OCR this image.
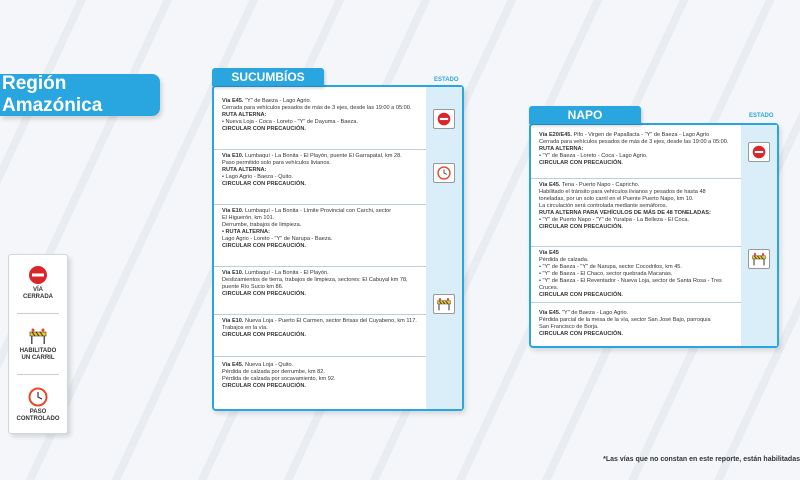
Región Amazónica
VÍA
CERRADA
HABILITADO
UN CARRIL
PASO
CONTROLADO
SUCUMBÍOS	ESTADO
Vía E45. "Y" de Baeza - Lago Agrio.
Cerrada para vehículos pesados de más de 3 ejes, desde las 19:00 a 05:00.
RUTA ALTERNA:
• Nueva Loja - Coca - Loreto - "Y" de Dayuma - Baeza.
CIRCULAR CON PRECAUCIÓN.
Vía E10. Lumbaquí - La Bonita - El Playón, puente El Garrapatal, km 28.
Paso permitido solo para vehículos livianos.
RUTA ALTERNA:
• Lago Agrio - Baeza - Quito.
CIRCULAR CON PRECAUCIÓN.
Vía E10. Lumbaquí - La Bonita - Límite Provincial con Carchi, sector
El Higuerón, km 101.
Derrumbe, trabajos de limpieza.
• RUTA ALTERNA:
Lago Agrio - Loreto - "Y" de Narupa - Baeza.
CIRCULAR CON PRECAUCIÓN.
Vía E10. Lumbaquí - La Bonita - El Playón.
Deslizamientos de tierra, trabajos de limpieza, sectores: El Cabuyal km 78,
puente Río Sucio km 86.
CIRCULAR CON PRECAUCIÓN.
Vía E10. Nueva Loja - Puerto El Carmen, sector Brisas del Cuyabeno, km 117.
Trabajos en la vía.
CIRCULAR CON PRECAUCIÓN.
Vía E45. Nueva Loja - Quito.
Pérdida de calzada por derrumbe, km 82.
Pérdida de calzada por socavamiento, km 92.
CIRCULAR CON PRECAUCIÓN.
NAPO	ESTADO
Vía E20/E45. Pifo - Virgen de Papallacta - "Y" de Baeza - Lago Agrio
Cerrada para vehículos pesados de más de 3 ejes, desde las 19:00 a 05:00.
RUTA ALTERNA:
• "Y" de Baeza - Loreto - Coca - Lago Agrio.
CIRCULAR CON PRECAUCIÓN.
Vía E45. Tena - Puerto Napo - Capricho.
Habilitado el tránsito para vehículos livianos y pesados de hasta 48
toneladas, por un solo carril en el Puente Puerto Napo, km 10.
La circulación será controlada mediante semáforos.
RUTA ALTERNA PARA VEHÍCULOS DE MÁS DE 48 TONELADAS:
• "Y" de Puerto Napo - "Y" de Yuralpa - La Belleza - El Coca.
CIRCULAR CON PRECAUCIÓN.
Vía E45
Pérdida de calzada.
• "Y" de Baeza - "Y" de Narupa, sector Cocodrilos, km 45.
• "Y" de Baeza - El Chaco, sector quebrada Macanas.
• "Y" de Baeza - El Reventador - Nueva Loja, sector de Santa Rosa - Tres Cruces.
CIRCULAR CON PRECAUCIÓN.
Vía E45. "Y" de Baeza - Lago Agrio.
Pérdida parcial de la mesa de la vía, sector San José Bajo, parroquia
San Francisco de Borja.
CIRCULAR CON PRECAUCIÓN.
*Las vías que no constan en este reporte, están habilitadas
